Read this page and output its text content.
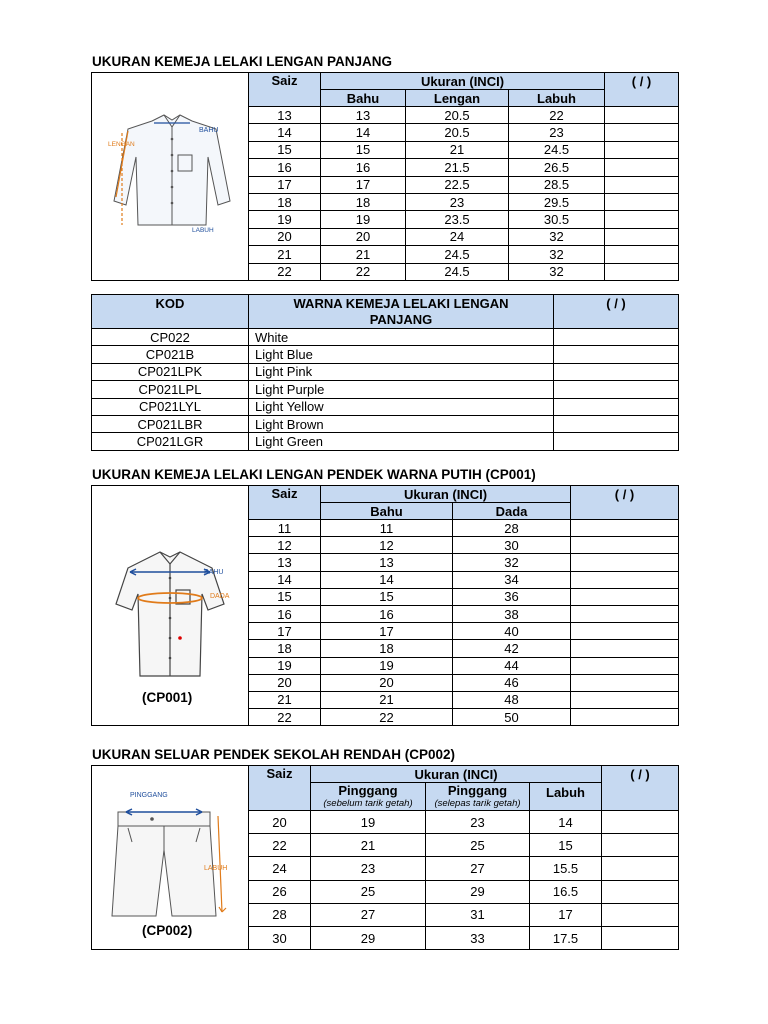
UKURAN KEMEJA LELAKI LENGAN PANJANG
BAHU
LENGAN
LABUH	Saiz	Ukuran (INCI)			( / )
		Bahu	Lengan	Labuh	
	13	13	20.5	22	
	14	14	20.5	23	
	15	15	21	24.5	
	16	16	21.5	26.5	
	17	17	22.5	28.5	
	18	18	23	29.5	
	19	19	23.5	30.5	
	20	20	24	32	
	21	21	24.5	32	
	22	22	24.5	32	
KOD	WARNA KEMEJA LELAKI LENGAN PANJANG	( / )
CP022	White	
CP021B	Light Blue	
CP021LPK	Light Pink	
CP021LPL	Light Purple	
CP021LYL	Light Yellow	
CP021LBR	Light Brown	
CP021LGR	Light Green	
UKURAN KEMEJA LELAKI LENGAN PENDEK WARNA PUTIH (CP001)
BAHU
DADA
(CP001)	Saiz	Ukuran (INCI)		( / )
		Bahu	Dada	
	11	11	28	
	12	12	30	
	13	13	32	
	14	14	34	
	15	15	36	
	16	16	38	
	17	17	40	
	18	18	42	
	19	19	44	
	20	20	46	
	21	21	48	
	22	22	50	
UKURAN SELUAR PENDEK SEKOLAH RENDAH (CP002)
PINGGANG
LABUH
(CP002)	Saiz	Ukuran (INCI)			( / )
		Pinggang
(sebelum tarik getah)	Pinggang
(selepas tarik getah)	Labuh	
	20	19	23	14	
	22	21	25	15	
	24	23	27	15.5	
	26	25	29	16.5	
	28	27	31	17	
	30	29	33	17.5	
